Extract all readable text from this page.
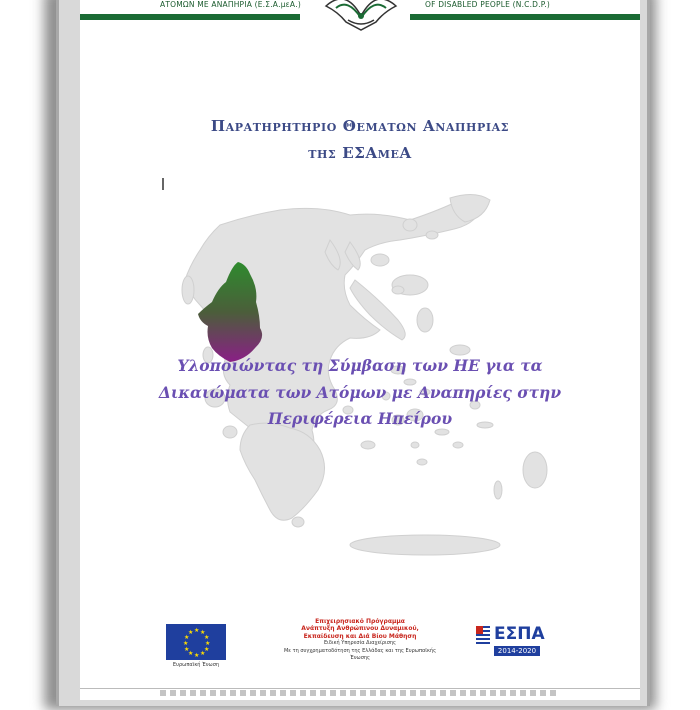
ΑΤΟΜΩΝ ΜΕ ΑΝΑΠΗΡΙΑ (Ε.Σ.Α.μεΑ.)	OF DISABLED PEOPLE (N.C.D.P.)
Παρατηρητηριο Θεματων Αναπηριας
της ΕΣΑμεΑ
Υλοποιώντας τη Σύμβαση των ΗΕ για τα
Δικαιώματα των Ατόμων με Αναπηρίες στην
Περιφέρεια Ηπείρου
★ ★
★
★
★
★
★
★
★
★
★
★
Ευρωπαϊκή Ένωση
Επιχειρησιακό Πρόγραμμα
Ανάπτυξη Ανθρώπινου Δυναμικού,
Εκπαίδευση και Διά Βίου Μάθηση
Ειδική Υπηρεσία Διαχείρισης
Με τη συγχρηματοδότηση της Ελλάδας και της Ευρωπαϊκής Ένωσης
ΕΣΠΑ
2014-2020
